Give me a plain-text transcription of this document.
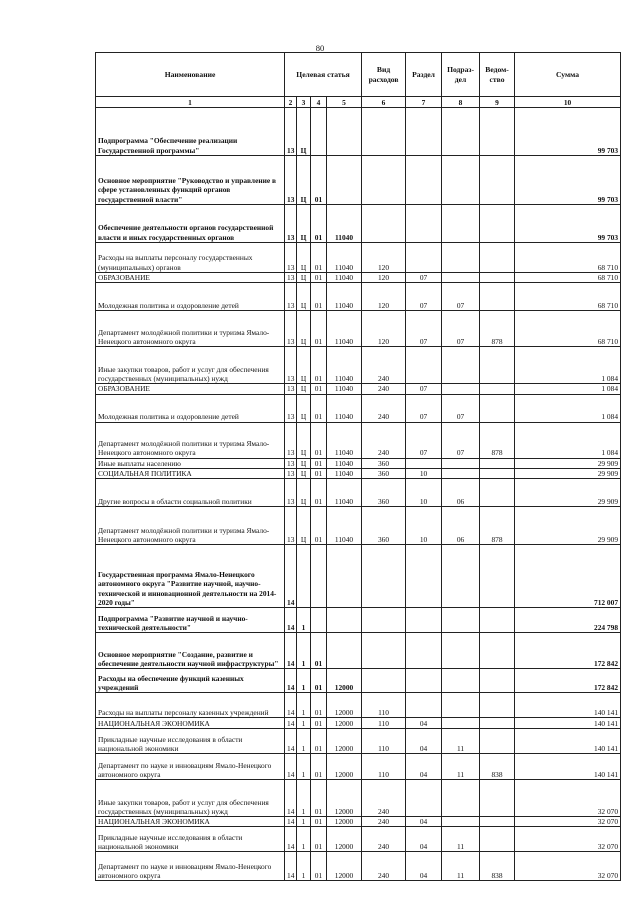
80
Наименование	Целевая статья				Вид расходов	Раздел	Подраз-дел	Ведом-ство	Сумма
1	2	3	4	5	6	7	8	9	10
Подпрограмма "Обеспечение реализации Государственной программы"	13	Ц							99 703
Основное мероприятие "Руководство и управление в сфере установленных функций органов государственной власти"	13	Ц	01						99 703
Обеспечение деятельности органов государственной власти и иных государственных органов	13	Ц	01	11040					99 703
Расходы на выплаты персоналу государственных (муниципальных) органов	13	Ц	01	11040	120				68 710
ОБРАЗОВАНИЕ	13	Ц	01	11040	120	07			68 710
Молодежная политика и оздоровление детей	13	Ц	01	11040	120	07	07		68 710
Департамент молодёжной политики и туризма Ямало-Ненецкого автономного округа	13	Ц	01	11040	120	07	07	878	68 710
Иные закупки товаров, работ и услуг для обеспечения государственных (муниципальных) нужд	13	Ц	01	11040	240				1 084
ОБРАЗОВАНИЕ	13	Ц	01	11040	240	07			1 084
Молодежная политика и оздоровление детей	13	Ц	01	11040	240	07	07		1 084
Департамент молодёжной политики и туризма Ямало-Ненецкого автономного округа	13	Ц	01	11040	240	07	07	878	1 084
Иные выплаты населению	13	Ц	01	11040	360				29 909
СОЦИАЛЬНАЯ ПОЛИТИКА	13	Ц	01	11040	360	10			29 909
Другие вопросы в области социальной политики	13	Ц	01	11040	360	10	06		29 909
Департамент молодёжной политики и туризма Ямало-Ненецкого автономного округа	13	Ц	01	11040	360	10	06	878	29 909
Государственная программа Ямало-Ненецкого автономного округа "Развитие научной, научно-технической и инновационной деятельности на 2014-2020 годы"	14								712 007
Подпрограмма "Развитие научной и научно-технической деятельности"	14	1							224 798
Основное мероприятие "Создание, развитие и обеспечение деятельности научной инфраструктуры"	14	1	01						172 842
Расходы на обеспечение функций казенных учреждений	14	1	01	12000					172 842
Расходы на выплаты персоналу казенных учреждений	14	1	01	12000	110				140 141
НАЦИОНАЛЬНАЯ ЭКОНОМИКА	14	1	01	12000	110	04			140 141
Прикладные научные исследования в области национальной экономики	14	1	01	12000	110	04	11		140 141
Департамент по науке и инновациям Ямало-Ненецкого автономного округа	14	1	01	12000	110	04	11	838	140 141
Иные закупки товаров, работ и услуг для обеспечения государственных (муниципальных) нужд	14	1	01	12000	240				32 070
НАЦИОНАЛЬНАЯ ЭКОНОМИКА	14	1	01	12000	240	04			32 070
Прикладные научные исследования в области национальной экономики	14	1	01	12000	240	04	11		32 070
Департамент по науке и инновациям Ямало-Ненецкого автономного округа	14	1	01	12000	240	04	11	838	32 070
